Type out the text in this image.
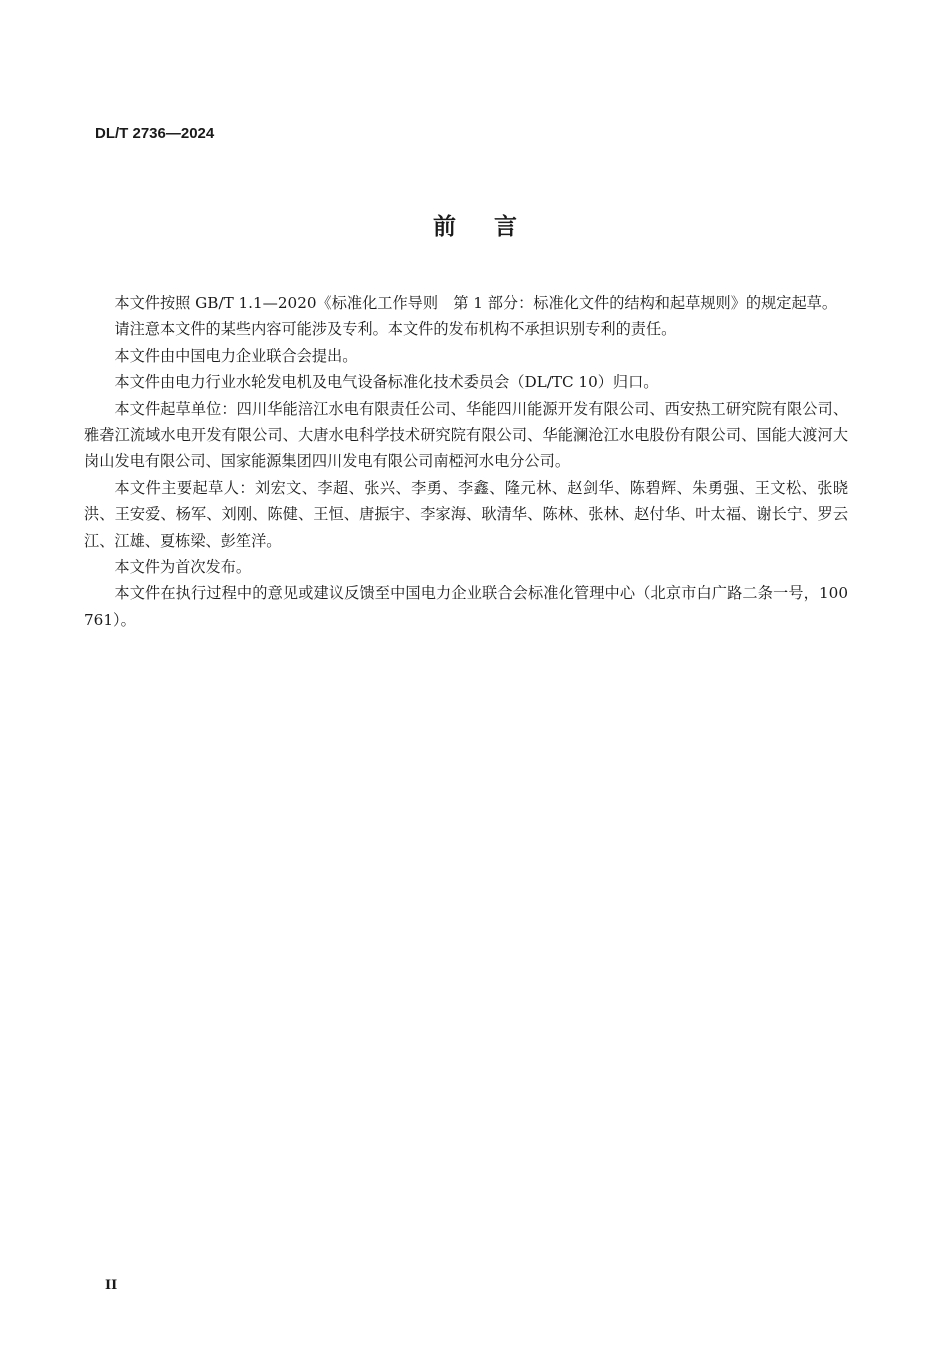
DL/T 2736—2024
前言

本文件按照 GB/T 1.1—2020《标准化工作导则　第 1 部分：标准化文件的结构和起草规则》的规定起草。

请注意本文件的某些内容可能涉及专利。本文件的发布机构不承担识别专利的责任。

本文件由中国电力企业联合会提出。

本文件由电力行业水轮发电机及电气设备标准化技术委员会（DL/TC 10）归口。

本文件起草单位：四川华能涪江水电有限责任公司、华能四川能源开发有限公司、西安热工研究院有限公司、雅砻江流域水电开发有限公司、大唐水电科学技术研究院有限公司、华能澜沧江水电股份有限公司、国能大渡河大岗山发电有限公司、国家能源集团四川发电有限公司南椏河水电分公司。

本文件主要起草人：刘宏文、李超、张兴、李勇、李鑫、隆元林、赵剑华、陈碧辉、朱勇强、王文松、张晓洪、王安爱、杨军、刘刚、陈健、王恒、唐振宇、李家海、耿清华、陈林、张林、赵付华、叶太福、谢长宁、罗云江、江雄、夏栋梁、彭笙洋。

本文件为首次发布。

本文件在执行过程中的意见或建议反馈至中国电力企业联合会标准化管理中心（北京市白广路二条一号，100761）。

II
